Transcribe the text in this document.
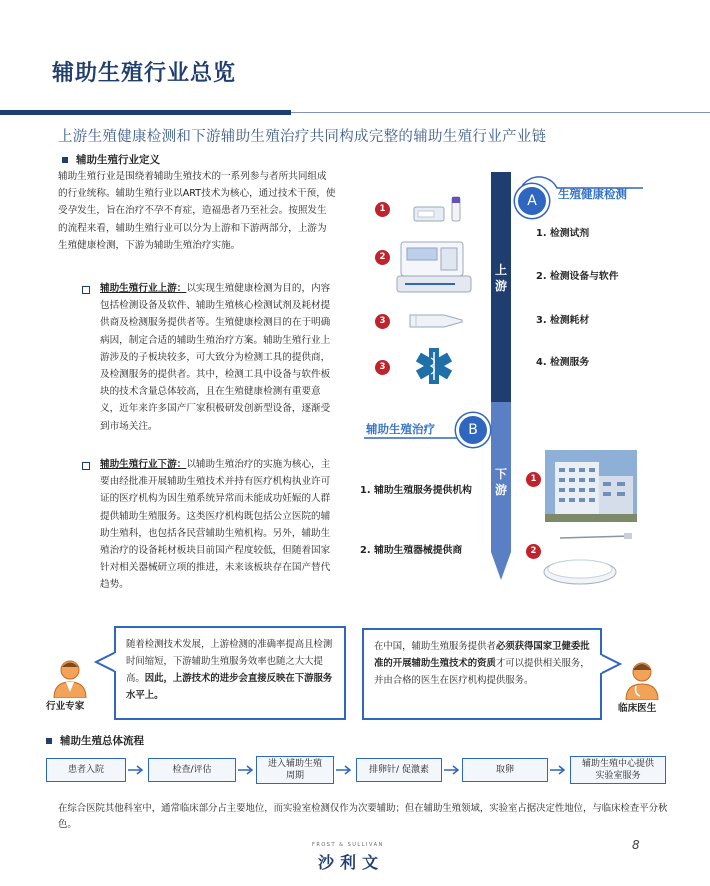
辅助生殖行业总览
上游生殖健康检测和下游辅助生殖治疗共同构成完整的辅助生殖行业产业链
辅助生殖行业定义
辅助生殖行业是围绕着辅助生殖技术的一系列参与者所共同组成的行业统称。辅助生殖行业以ART技术为核心，通过技术干预，使受孕发生，旨在治疗不孕不育症，造福患者乃至社会。按照发生的流程来看，辅助生殖行业可以分为上游和下游两部分，上游为生殖健康检测，下游为辅助生殖治疗实施。
辅助生殖行业上游：以实现生殖健康检测为目的，内容包括检测设备及软件、辅助生殖核心检测试剂及耗材提供商及检测服务提供者等。生殖健康检测目的在于明确病因，制定合适的辅助生殖治疗方案。辅助生殖行业上游涉及的子板块较多，可大致分为检测工具的提供商，及检测服务的提供者。其中，检测工具中设备与软件板块的技术含量总体较高，且在生殖健康检测有重要意义，近年来许多国产厂家积极研发创新型设备，逐渐受到市场关注。
辅助生殖行业下游：以辅助生殖治疗的实施为核心，主要由经批准开展辅助生殖技术并持有医疗机构执业许可证的医疗机构为因生殖系统异常而未能成功妊娠的人群提供辅助生殖服务。这类医疗机构既包括公立医院的辅助生殖科，也包括各民营辅助生殖机构。另外，辅助生殖治疗的设备耗材板块目前国产程度较低，但随着国家针对相关器械研立项的推进，未来该板块存在国产替代趋势。
上
游
下
游
A	生殖健康检测
1
2
3
3
1. 检测试剂
2. 检测设备与软件
3. 检测耗材
4. 检测服务
辅助生殖治疗	B
1. 辅助生殖服务提供机构
2. 辅助生殖器械提供商
1
2
行业专家
随着检测技术发展，上游检测的准确率提高且检测时间缩短，下游辅助生殖服务效率也随之大大提高。因此，上游技术的进步会直接反映在下游服务水平上。
在中国，辅助生殖服务提供者必须获得国家卫健委批准的开展辅助生殖技术的资质才可以提供相关服务，并由合格的医生在医疗机构提供服务。
临床医生
辅助生殖总体流程
患者入院	检查/评估
进入辅助生殖周期
排卵针/ 促激素	取卵
辅助生殖中心提供实验室服务
在综合医院其他科室中，通常临床部分占主要地位，而实验室检测仅作为次要辅助；但在辅助生殖领域，实验室占据决定性地位，与临床检查平分秋色。
FROST & SULLIVAN
沙利文
8
